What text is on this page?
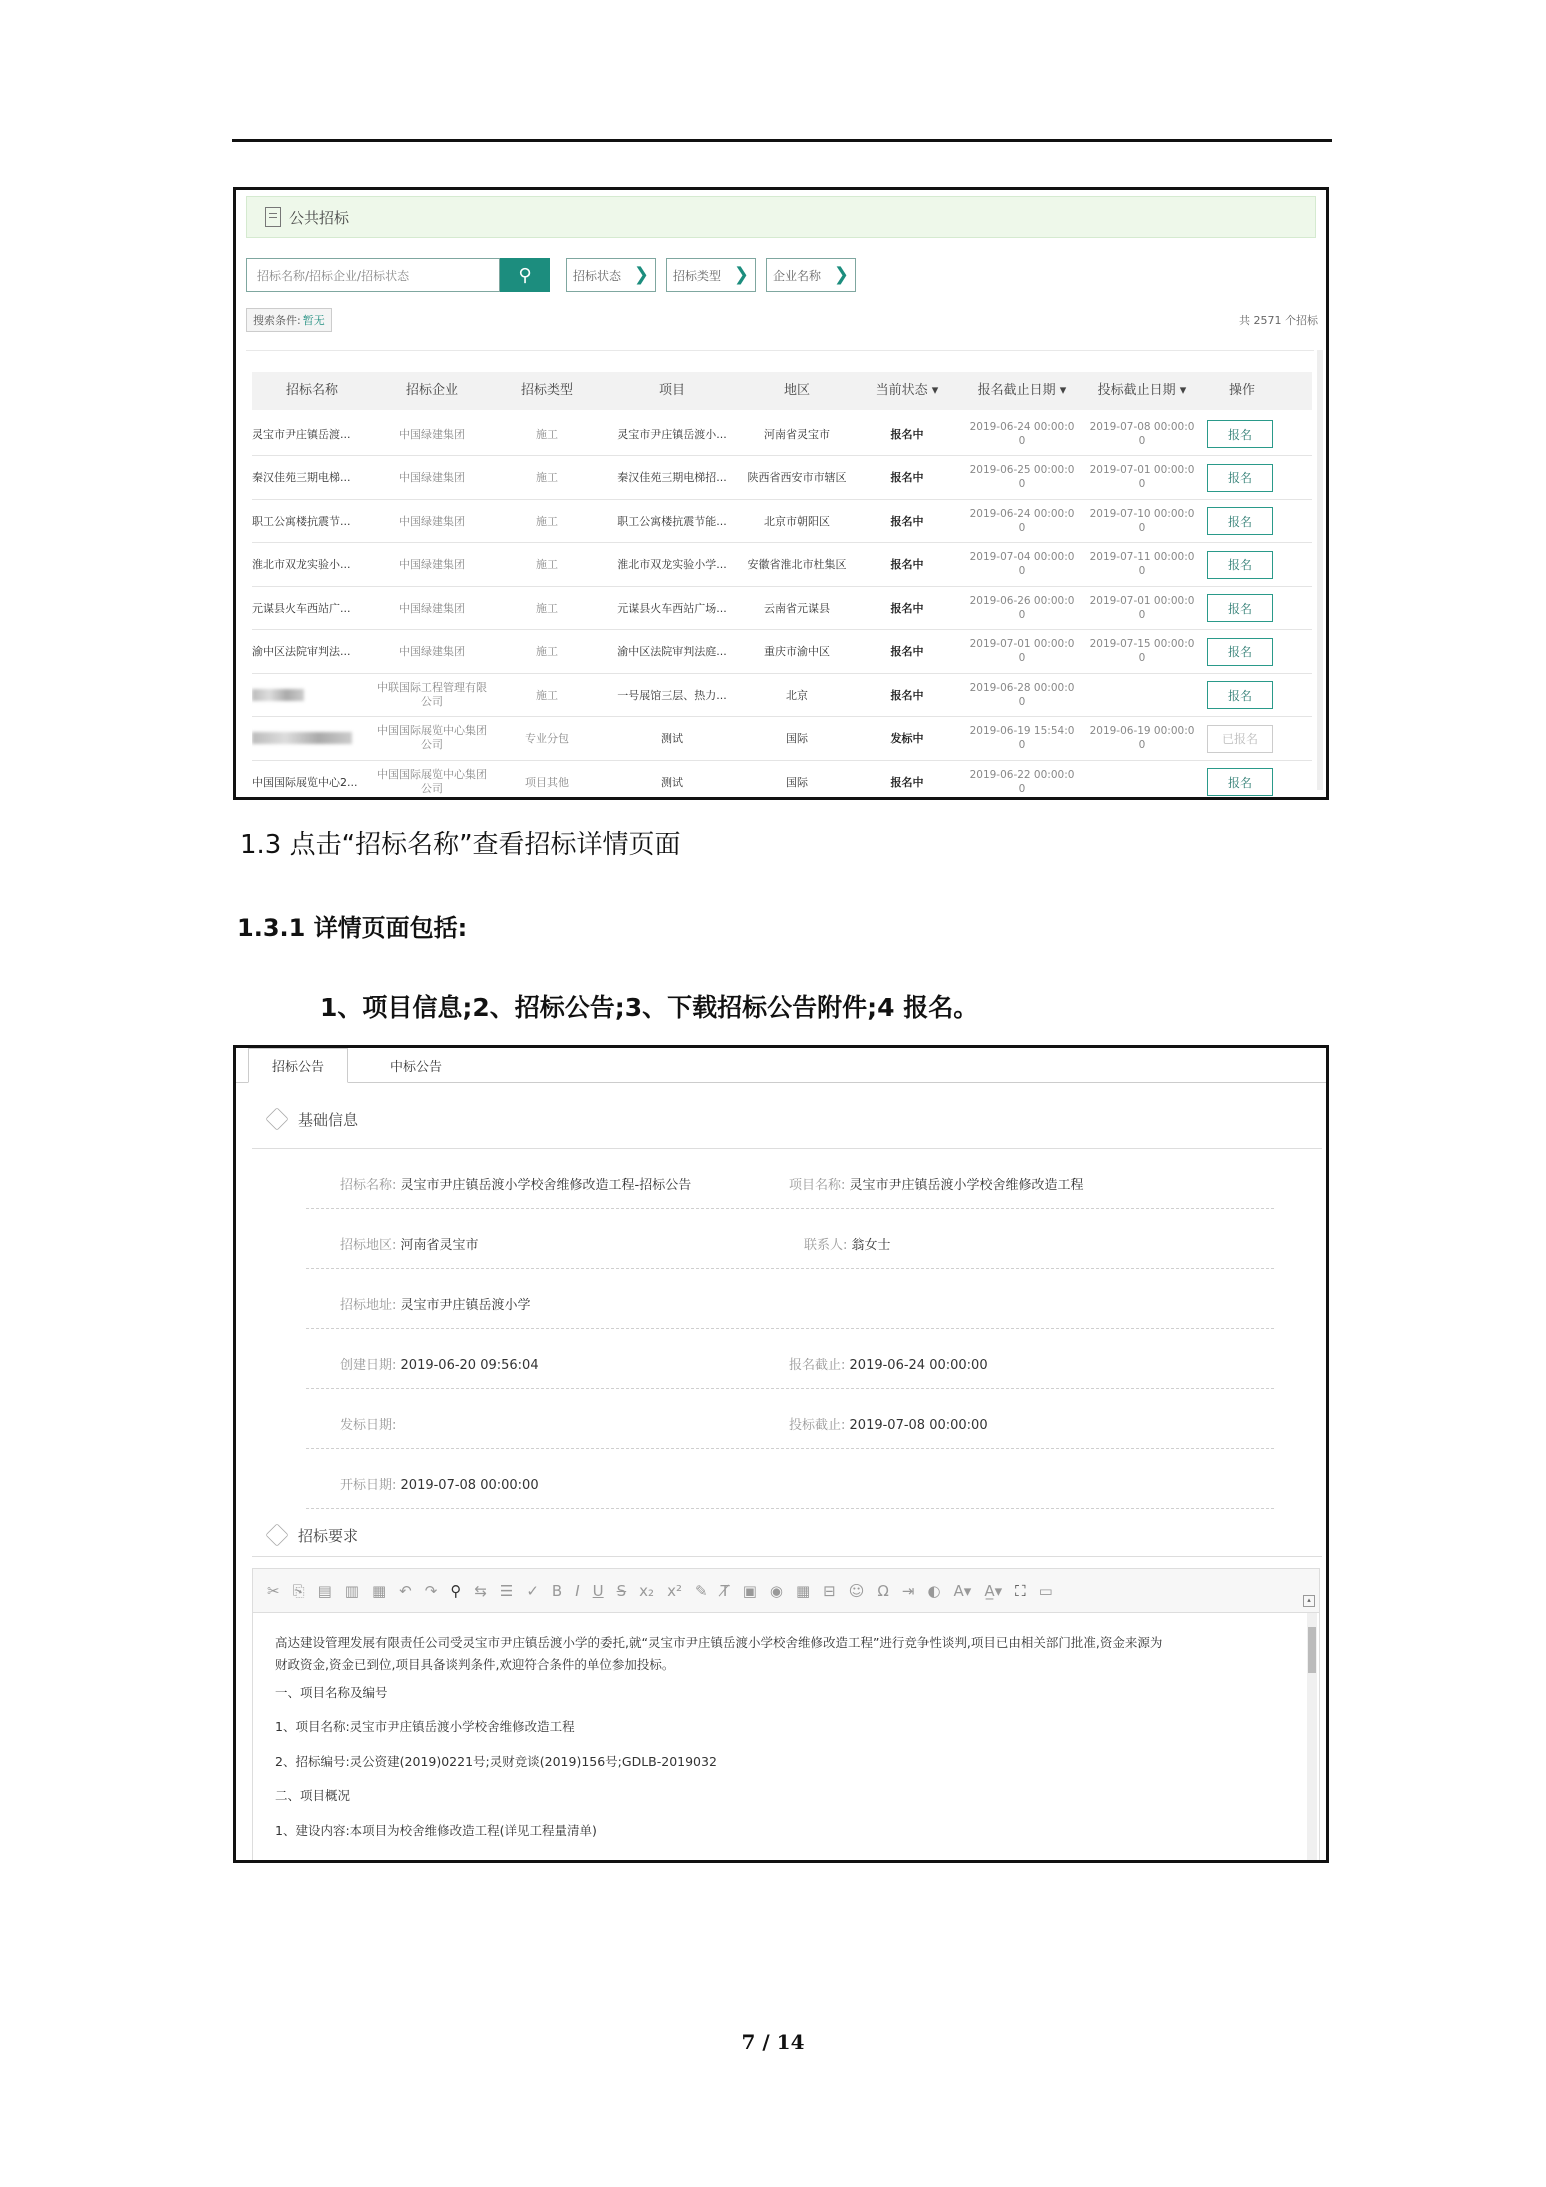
公共招标
招标名称/招标企业/招标状态	⚲	招标状态 ❯ 招标类型 ❯ 企业名称 ❯
搜索条件: 暂无	共 2571 个招标
招标名称	招标企业	招标类型	项目	地区	当前状态 ▾	报名截止日期 ▾	投标截止日期 ▾	操作
灵宝市尹庄镇岳渡...	中国绿建集团	施工	灵宝市尹庄镇岳渡小...	河南省灵宝市	报名中
2019-06-24 00:00:0
0
2019-07-08 00:00:0
0	报名
秦汉佳苑三期电梯...	中国绿建集团	施工	秦汉佳苑三期电梯招...	陕西省西安市市辖区	报名中
2019-06-25 00:00:0
0
2019-07-01 00:00:0
0	报名
职工公寓楼抗震节...	中国绿建集团	施工	职工公寓楼抗震节能...	北京市朝阳区	报名中
2019-06-24 00:00:0
0
2019-07-10 00:00:0
0	报名
淮北市双龙实验小...	中国绿建集团	施工	淮北市双龙实验小学...	安徽省淮北市杜集区	报名中
2019-07-04 00:00:0
0
2019-07-11 00:00:0
0	报名
元谋县火车西站广...	中国绿建集团	施工	元谋县火车西站广场...	云南省元谋县	报名中
2019-06-26 00:00:0
0
2019-07-01 00:00:0
0	报名
渝中区法院审判法...	中国绿建集团	施工	渝中区法院审判法庭...	重庆市渝中区	报名中
2019-07-01 00:00:0
0
2019-07-15 00:00:0
0	报名
中联国际工程管理有限公司	施工	一号展馆三层、热力...	北京	报名中
2019-06-28 00:00:0
0	报名
中国国际展览中心集团公司	专业分包	测试	国际	发标中
2019-06-19 15:54:0
0
2019-06-19 00:00:0
0	已报名
中国国际展览中心2...
中国国际展览中心集团公司	项目其他	测试	国际	报名中
2019-06-22 00:00:0
0	报名
1.3 点击“招标名称”查看招标详情页面
1.3.1 详情页面包括:
1、项目信息;2、招标公告;3、下载招标公告附件;4 报名。
招标公告	中标公告
基础信息
招标名称: 灵宝市尹庄镇岳渡小学校舍维修改造工程-招标公告	项目名称: 灵宝市尹庄镇岳渡小学校舍维修改造工程
招标地区: 河南省灵宝市	联系人: 翁女士
招标地址: 灵宝市尹庄镇岳渡小学
创建日期: 2019-06-20 09:56:04	报名截止: 2019-06-24 00:00:00
发标日期:	投标截止: 2019-07-08 00:00:00
开标日期: 2019-07-08 00:00:00
招标要求
✂ ⎘ ▤ ▥ ▦ ↶ ↷ ⚲ ⇆ ☰ ✓ B I U S x₂ x² ✎ T̸ ▣ ◉ ▦ ⊟ ☺ Ω ⇥ ◐ A▾ A̲▾ ⛶ ▭
▴
高达建设管理发展有限责任公司受灵宝市尹庄镇岳渡小学的委托,就“灵宝市尹庄镇岳渡小学校舍维修改造工程”进行竞争性谈判,项目已由相关部门批准,资金来源为
财政资金,资金已到位,项目具备谈判条件,欢迎符合条件的单位参加投标。
一、项目名称及编号
1、项目名称:灵宝市尹庄镇岳渡小学校舍维修改造工程
2、招标编号:灵公资建(2019)0221号;灵财竞谈(2019)156号;GDLB-2019032
二、项目概况
1、建设内容:本项目为校舍维修改造工程(详见工程量清单)
7 / 14
